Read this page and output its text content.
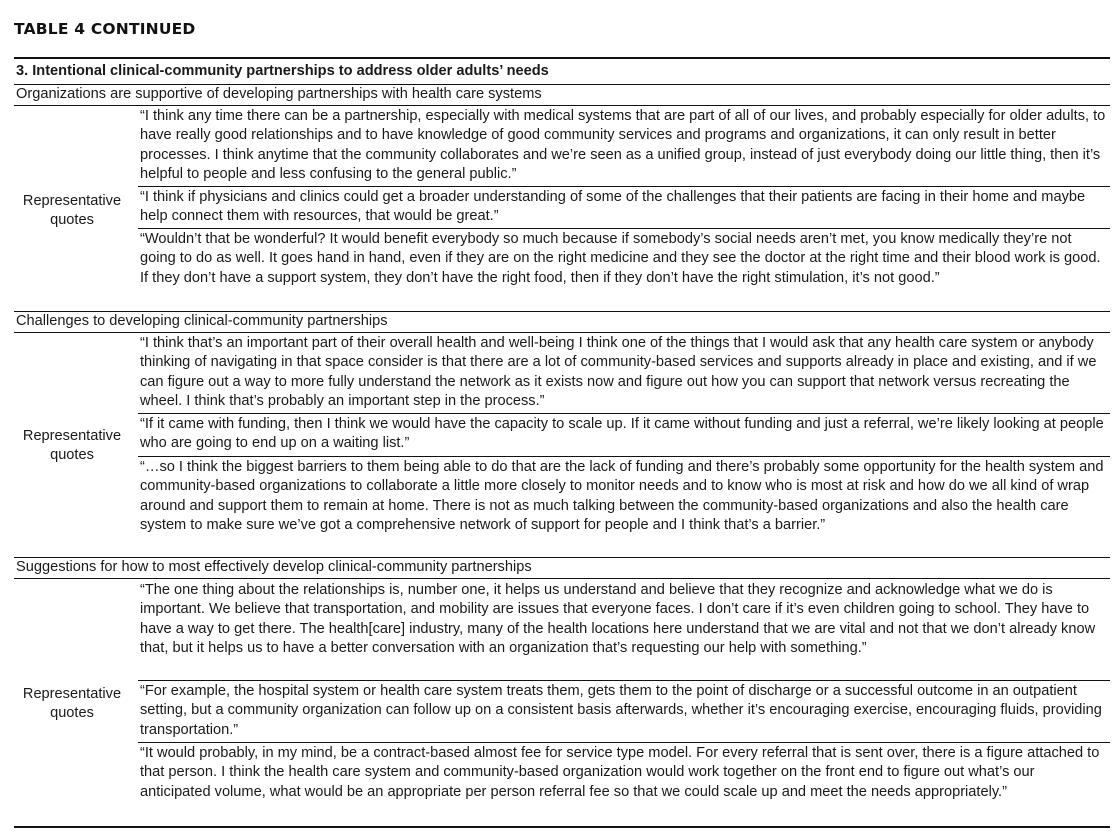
TABLE 4 CONTINUED
3. Intentional clinical-community partnerships to address older adults’ needs
Organizations are supportive of developing partnerships with health care systems
Representative
quotes
“I think any time there can be a partnership, especially with medical systems that are part of all of our lives, and probably especially for older adults, to have really good relationships and to have knowledge of good community services and programs and organizations, it can only result in better processes. I think anytime that the community collaborates and we’re seen as a unified group, instead of just everybody doing our little thing, then it’s helpful to people and less confusing to the general public.”
“I think if physicians and clinics could get a broader understanding of some of the challenges that their patients are facing in their home and maybe help connect them with resources, that would be great.”
“Wouldn’t that be wonderful? It would benefit everybody so much because if somebody’s social needs aren’t met, you know medically they’re not going to do as well. It goes hand in hand, even if they are on the right medicine and they see the doctor at the right time and their blood work is good. If they don’t have a support system, they don’t have the right food, then if they don’t have the right stimulation, it’s not good.”
Challenges to developing clinical-community partnerships
Representative
quotes
“I think that’s an important part of their overall health and well-being I think one of the things that I would ask that any health care system or anybody thinking of navigating in that space consider is that there are a lot of community-based services and supports already in place and existing, and if we can figure out a way to more fully understand the network as it exists now and figure out how you can support that network versus recreating the wheel. I think that’s probably an important step in the process.”
“If it came with funding, then I think we would have the capacity to scale up. If it came without funding and just a referral, we’re likely looking at people who are going to end up on a waiting list.”
“…so I think the biggest barriers to them being able to do that are the lack of funding and there’s probably some opportunity for the health system and community-based organizations to collaborate a little more closely to monitor needs and to know who is most at risk and how do we all kind of wrap around and support them to remain at home. There is not as much talking between the community-based organizations and also the health care system to make sure we’ve got a comprehensive network of support for people and I think that’s a barrier.”
Suggestions for how to most effectively develop clinical-community partnerships
Representative
quotes
“The one thing about the relationships is, number one, it helps us understand and believe that they recognize and acknowledge what we do is important. We believe that transportation, and mobility are issues that everyone faces. I don’t care if it’s even children going to school. They have to have a way to get there. The health[care] industry, many of the health locations here understand that we are vital and not that we don’t already know that, but it helps us to have a better conversation with an organization that’s requesting our help with something.”
“For example, the hospital system or health care system treats them, gets them to the point of discharge or a successful outcome in an outpatient setting, but a community organization can follow up on a consistent basis afterwards, whether it’s encouraging exercise, encouraging fluids, providing transportation.”
“It would probably, in my mind, be a contract-based almost fee for service type model. For every referral that is sent over, there is a figure attached to that person. I think the health care system and community-based organization would work together on the front end to figure out what’s our anticipated volume, what would be an appropriate per person referral fee so that we could scale up and meet the needs appropriately.”
